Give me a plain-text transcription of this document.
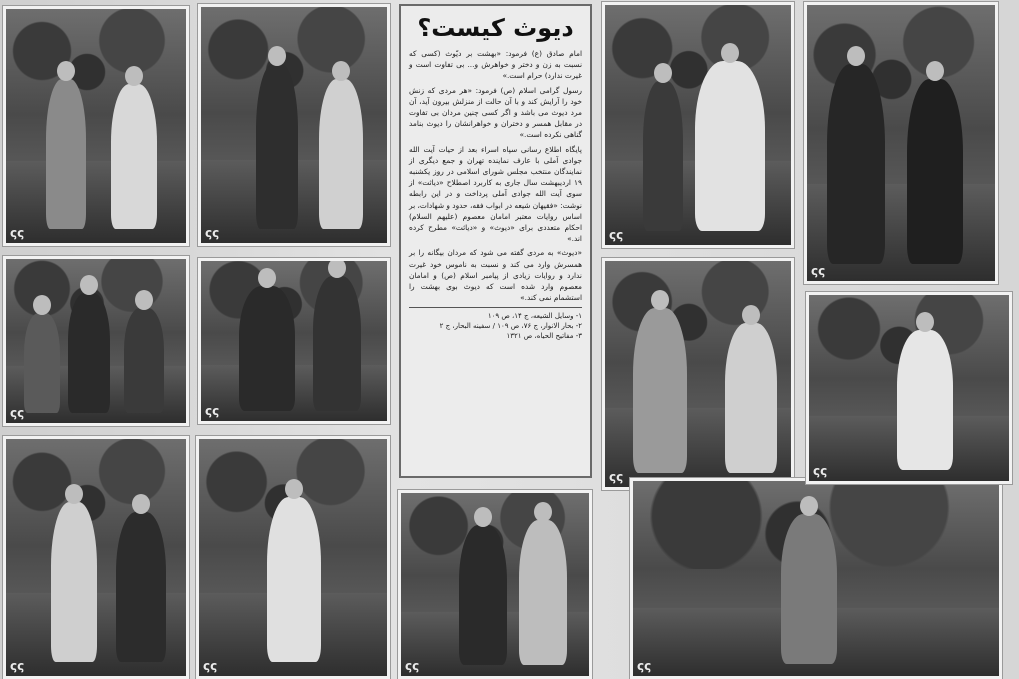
ςς
ςς
ςς
ςς
ςς
ςς
دیوث کیست؟

امام صادق (ع) فرمود: «بهشت بر دیّوث (کسی که نسبت به زن و دختر و خواهرش و... بی تفاوت است و غیرت ندارد) حرام است.»

رسول گرامی اسلام (ص) فرمود: «هر مردی که زنش خود را آرایش کند و با آن حالت از منزلش بیرون آید، آن مرد دیوث می باشد و اگر کسی چنین مردان بی تفاوت در مقابل همسر و دختران و خواهرانشان را دیوث بنامد گناهی نکرده است.»

پایگاه اطلاع رسانی سپاه اسراء بعد از حیات آیت الله جوادی آملی با عارف نماینده تهران و جمع دیگری از نمایندگان منتخب مجلس شورای اسلامی در روز یکشنبه ۱۹ اردیبهشت سال جاری به کاربرد اصطلاح «دیاثت» از سوی آیت الله جوادی آملی پرداخت و در این رابطه نوشت: «فقیهان شیعه در ابواب فقه، حدود و شهادات، بر اساس روایات معتبر امامان معصوم (علیهم السلام) احکام متعددی برای «دیوث» و «دیاثت» مطرح کرده اند.»

«دیوث» به مردی گفته می شود که مردان بیگانه را بر همسرش وارد می کند و نسبت به ناموس خود غیرت ندارد و روایات زیادی از پیامبر اسلام (ص) و امامان معصوم وارد شده است که دیوث بوی بهشت را استشمام نمی کند.»

۱- وسایل الشیعه، ج ۱۴، ص ۱۰۹
۲- بحار الانوار، ج ۷۶، ص ۱۰۹ / سفینه البحار، ج ۲
۳- مفاتیح الحیاه، ص ۱۳۲۱
ςς
ςς
ςς
ςς
ςς
ςς
